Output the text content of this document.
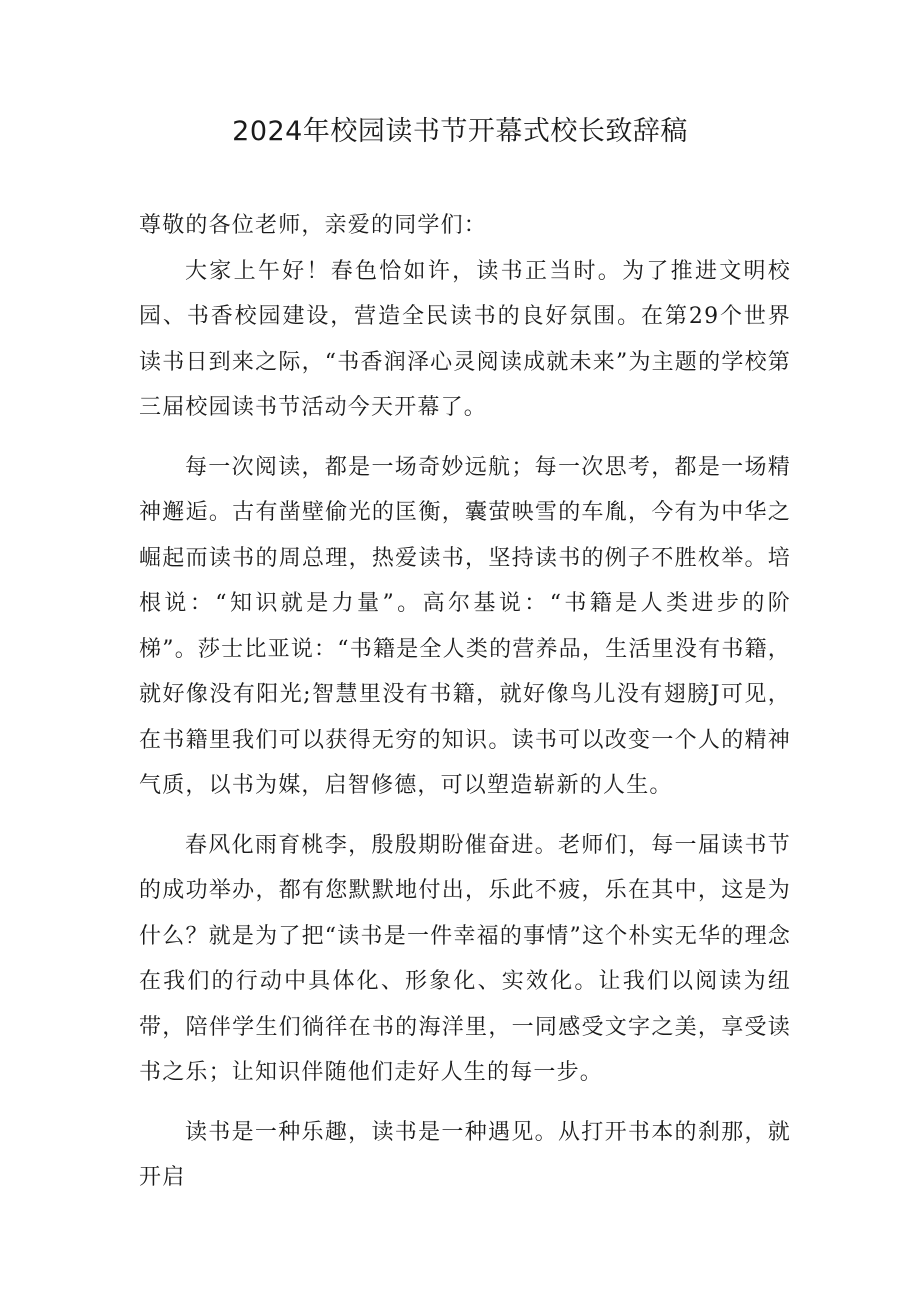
2024年校园读书节开幕式校长致辞稿

尊敬的各位老师，亲爱的同学们：

大家上午好！春色恰如许，读书正当时。为了推进文明校园、书香校园建设，营造全民读书的良好氛围。在第29个世界读书日到来之际，“书香润泽心灵阅读成就未来”为主题的学校第三届校园读书节活动今天开幕了。

每一次阅读，都是一场奇妙远航；每一次思考，都是一场精神邂逅。古有凿壁偷光的匡衡，囊萤映雪的车胤，今有为中华之崛起而读书的周总理，热爱读书，坚持读书的例子不胜枚举。培根说：“知识就是力量”。高尔基说：“书籍是人类进步的阶梯”。莎士比亚说：“书籍是全人类的营养品，生活里没有书籍，就好像没有阳光;智慧里没有书籍，就好像鸟儿没有翅膀J可见，在书籍里我们可以获得无穷的知识。读书可以改变一个人的精神气质，以书为媒，启智修德，可以塑造崭新的人生。

春风化雨育桃李，殷殷期盼催奋进。老师们，每一届读书节的成功举办，都有您默默地付出，乐此不疲，乐在其中，这是为什么？就是为了把“读书是一件幸福的事情”这个朴实无华的理念在我们的行动中具体化、形象化、实效化。让我们以阅读为纽带，陪伴学生们徜徉在书的海洋里，一同感受文字之美，享受读书之乐；让知识伴随他们走好人生的每一步。

读书是一种乐趣，读书是一种遇见。从打开书本的刹那，就开启
